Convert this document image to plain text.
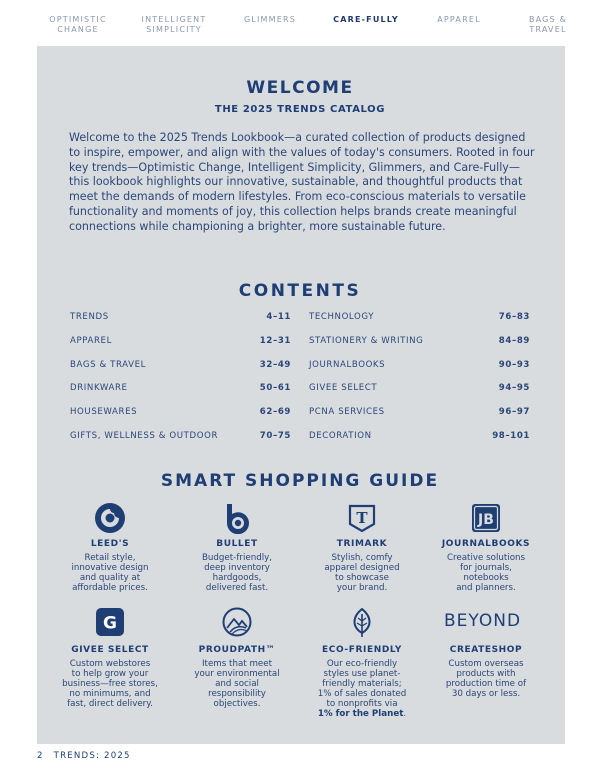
OPTIMISTIC
CHANGE
INTELLIGENT
SIMPLICITY
GLIMMERS	CARE-FULLY	APPAREL	BAGS &
TRAVEL
WELCOME
THE 2025 TRENDS CATALOG
Welcome to the 2025 Trends Lookbook—a curated collection of products designed to inspire, empower, and align with the values of today's consumers. Rooted in four key trends—Optimistic Change, Intelligent Simplicity, Glimmers, and Care-Fully—this lookbook highlights our innovative, sustainable, and thoughtful products that meet the demands of modern lifestyles. From eco-conscious materials to versatile functionality and moments of joy, this collection helps brands create meaningful connections while championing a brighter, more sustainable future.
CONTENTS
TRENDS	4–11
APPAREL	12–31
BAGS & TRAVEL	32–49
DRINKWARE	50–61
HOUSEWARES	62–69
GIFTS, WELLNESS & OUTDOOR	70–75
TECHNOLOGY	76–83
STATIONERY & WRITING	84–89
JOURNALBOOKS	90–93
GIVEE SELECT	94–95
PCNA SERVICES	96–97
DECORATION	98–101
SMART SHOPPING GUIDE
T	JB
LEED'S	BULLET	TRIMARK	JOURNALBOOKS
Retail style,
innovative design
and quality at
affordable prices.
Budget-friendly,
deep inventory
hardgoods,
delivered fast.
Stylish, comfy
apparel designed
to showcase
your brand.
Creative solutions
for journals,
notebooks
and planners.
G	BEYOND
GIVEE SELECT	PROUDPATH™	ECO-FRIENDLY	CREATESHOP
Custom webstores
to help grow your
business—free stores,
no minimums, and
fast, direct delivery.
Items that meet
your environmental
and social
responsibility
objectives.
Our eco-friendly
styles use planet-
friendly materials;
1% of sales donated
to nonprofits via
1% for the Planet.
Custom overseas
products with
production time of
30 days or less.
2 TRENDS: 2025
